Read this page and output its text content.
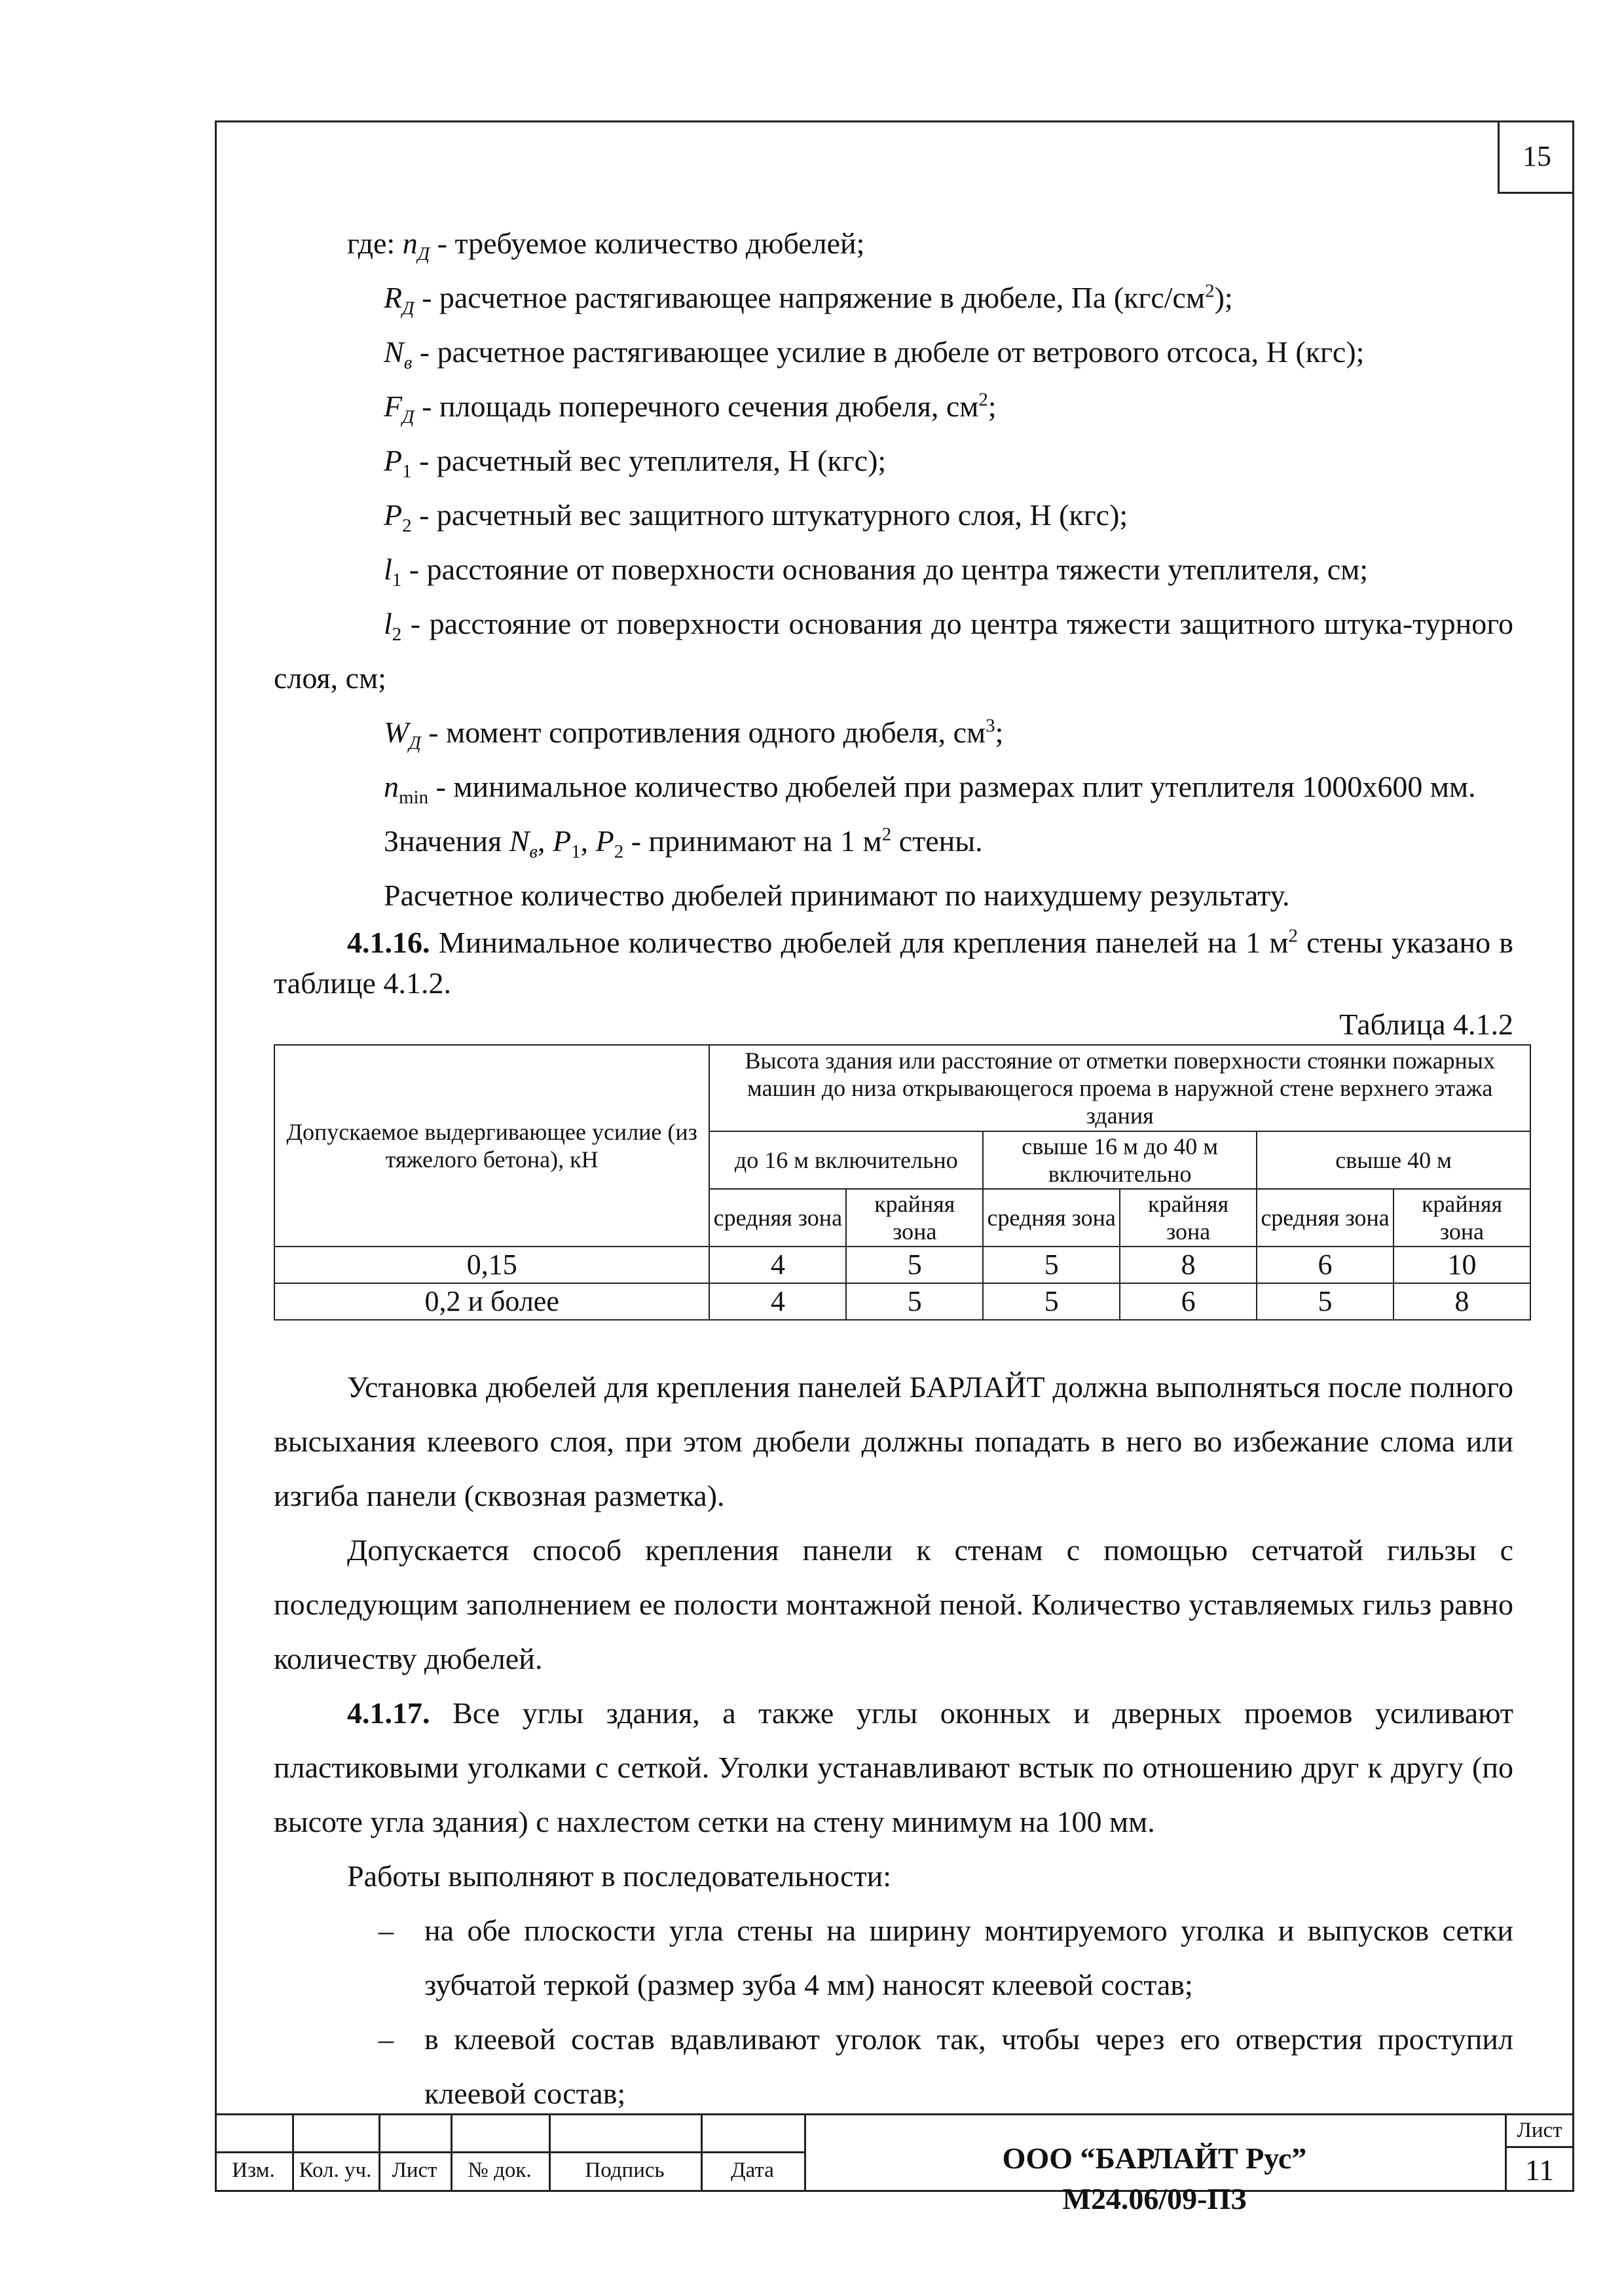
15

где: $n_Д$ - требуемое количество дюбелей;

$R_Д$ - расчетное растягивающее напряжение в дюбеле, Па $(кгс/см^2)$;

$N_в$ - расчетное растягивающее усилие в дюбеле от ветрового отсоса, Н (кгс);

$F_Д$ - площадь поперечного сечения дюбеля, $см^2$;

$P_1$ - расчетный вес утеплителя, Н (кгс);

$P_2$ - расчетный вес защитного штукатурного слоя, Н (кгс);

$l_1$ - расстояние от поверхности основания до центра тяжести утеплителя, см;

$l_2$ - расстояние от поверхности основания до центра тяжести защитного штука-турного слоя, см;

$W_Д$ - момент сопротивления одного дюбеля, $см^3$;

$n_{min}$ - минимальное количество дюбелей при размерах плит утеплителя 1000х600 мм.

Значения $N_в$, $P_1$, $P_2$ - принимают на 1 $м^2$ стены.

Расчетное количество дюбелей принимают по наихудшему результату.

4.1.16. Минимальное количество дюбелей для крепления панелей на 1 $м^2$ стены указано в таблице 4.1.2.

Таблица 4.1.2
Допускаемое выдергивающее усилие (из тяжелого бетона), кН	Высота здания или расстояние от отметки поверхности стоянки пожарных машин до низа открывающегося проема в наружной стене верхнего этажа здания					
	до 16 м включительно		свыше 16 м до 40 м включительно		свыше 40 м	
	средняя зона	крайняя зона	средняя зона	крайняя зона	средняя зона	крайняя зона
0,15	4	5	5	8	6	10
0,2 и более	4	5	5	6	5	8

Установка дюбелей для крепления панелей БАРЛАЙТ должна выполняться после полного высыхания клеевого слоя, при этом дюбели должны попадать в него во избежание слома или изгиба панели (сквозная разметка).

Допускается способ крепления панели к стенам с помощью сетчатой гильзы с последующим заполнением ее полости монтажной пеной. Количество уставляемых гильз равно количеству дюбелей.

4.1.17. Все углы здания, а также углы оконных и дверных проемов усиливают пластиковыми уголками с сеткой. Уголки устанавливают встык по отношению друг к другу (по высоте угла здания) с нахлестом сетки на стену минимум на 100 мм.

Работы выполняют в последовательности:

– на обе плоскости угла стены на ширину монтируемого уголка и выпусков сетки зубчатой теркой (размер зуба 4 мм) наносят клеевой состав;
– в клеевой состав вдавливают уголок так, чтобы через его отверстия проступил клеевой состав;
Изм.	Кол. уч. Лист	№ док.	Подпись	Дата	ООО “БАРЛАЙТ Рус”
М24.06/09-ПЗ
Лист
11
